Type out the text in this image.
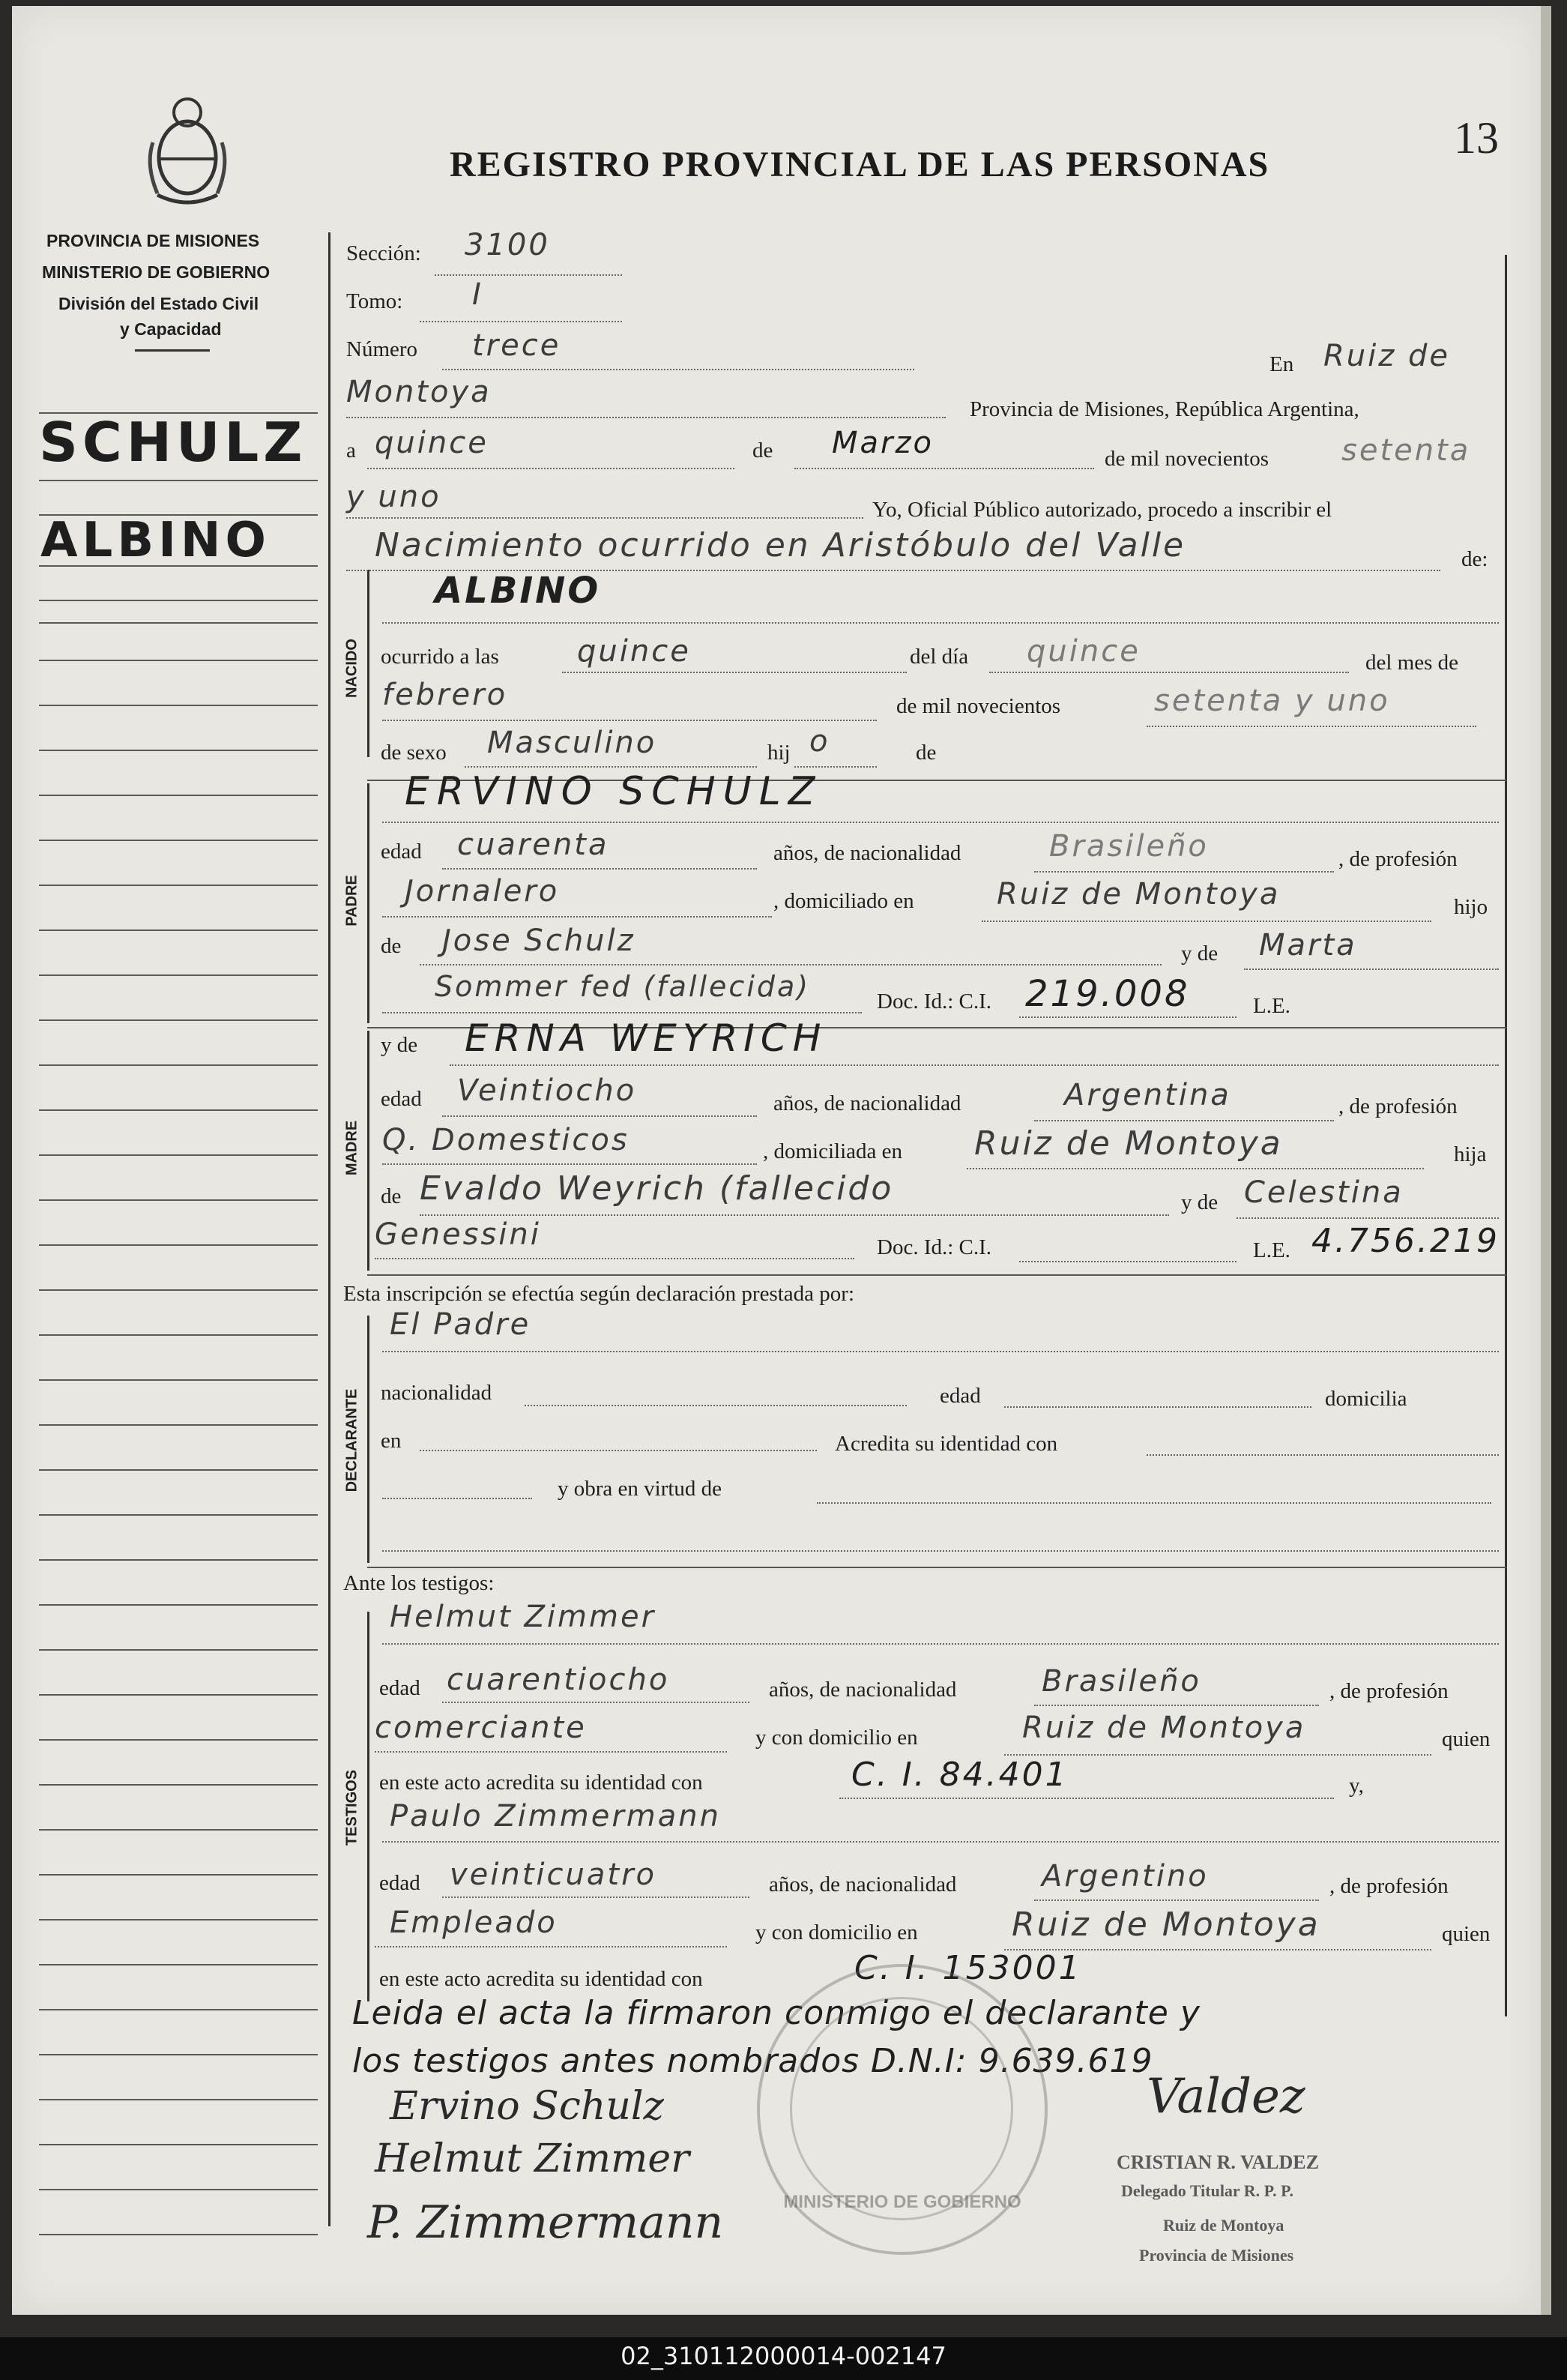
REGISTRO PROVINCIAL DE LAS PERSONAS
13
PROVINCIA DE MISIONES
MINISTERIO DE GOBIERNO
División del Estado Civil
y Capacidad
SCHULZ
ALBINO
NACIDO
PADRE
MADRE
DECLARANTE
TESTIGOS
Sección: 3100
Tomo: I
Número trece
En Ruiz de
Montoya	Provincia de Misiones, República Argentina,
a quince	de Marzo	de mil novecientos setenta
y uno	Yo, Oficial Público autorizado, procedo a inscribir el
Nacimiento ocurrido en Aristóbulo del Valle	de:
ALBINO
ocurrido a las	quince	del día quince	del mes de
febrero	de mil novecientos	setenta y uno
de sexo Masculino	hij o	de
ERVINO SCHULZ
edad cuarenta	años, de nacionalidad	Brasileño	, de profesión
Jornalero	, domiciliado en	Ruiz de Montoya	hijo
de Jose Schulz	y de Marta
Sommer fed (fallecida)	Doc. Id.: C.I. 219.008	L.E.
y de ERNA WEYRICH
edad Veintiocho	años, de nacionalidad	Argentina	, de profesión
Q. Domesticos	, domiciliada en Ruiz de Montoya	hija
de Evaldo Weyrich (fallecido	y de Celestina
Genessini	Doc. Id.: C.I.	L.E. 4.756.219
Esta inscripción se efectúa según declaración prestada por:
El Padre
nacionalidad	edad	domicilia
en	Acredita su identidad con
y obra en virtud de
Ante los testigos:
Helmut Zimmer
edad cuarentiocho	años, de nacionalidad	Brasileño	, de profesión
comerciante	y con domicilio en	Ruiz de Montoya	quien
en este acto acredita su identidad con	C. I. 84.401	y,
Paulo Zimmermann
edad veinticuatro	años, de nacionalidad	Argentino	, de profesión
Empleado	y con domicilio en	Ruiz de Montoya	quien
en este acto acredita su identidad con	C. I. 153001
Leida el acta la firmaron conmigo el declarante y
los testigos antes nombrados D.N.I: 9.639.619
MINISTERIO DE GOBIERNO
Ervino Schulz
Helmut Zimmer
P. Zimmermann
Valdez
CRISTIAN R. VALDEZ
Delegado Titular R. P. P.
Ruiz de Montoya
Provincia de Misiones
02_310112000014-002147
